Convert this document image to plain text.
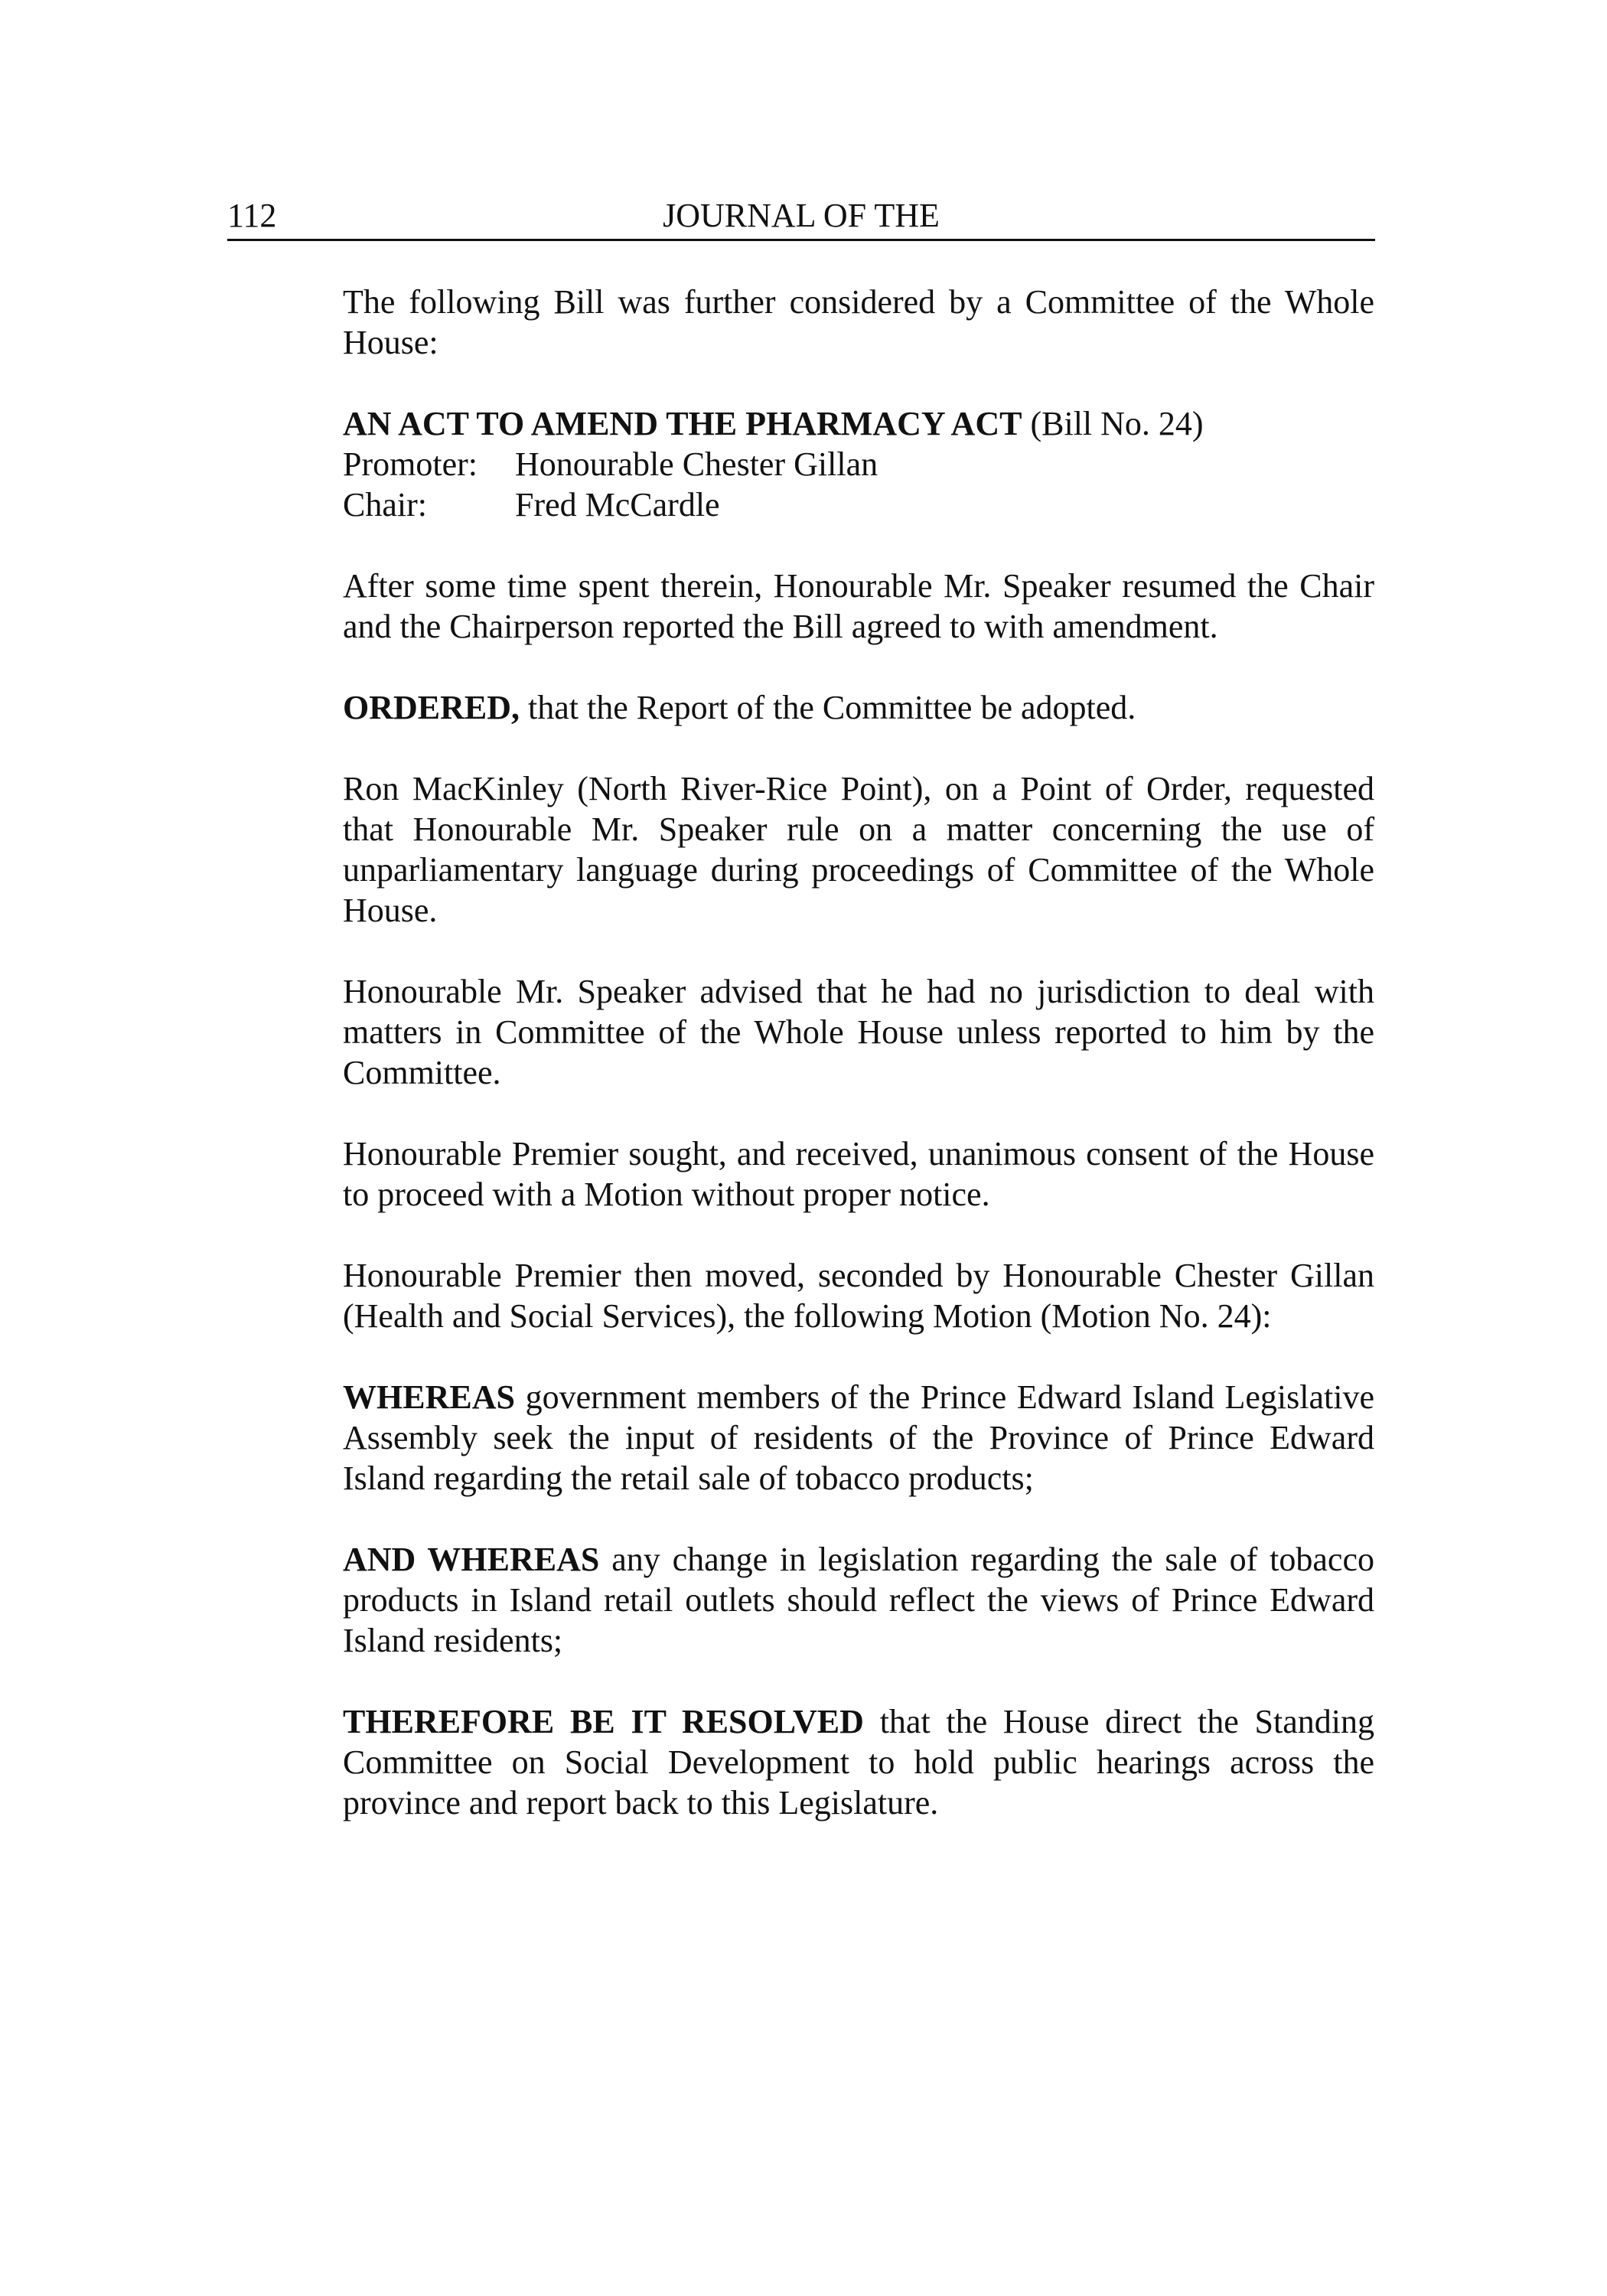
112	JOURNAL OF THE

The following Bill was further considered by a Committee of the Whole House:

AN ACT TO AMEND THE PHARMACY ACT (Bill No. 24)

Promoter:	Honourable Chester Gillan
Chair:	Fred McCardle

After some time spent therein, Honourable Mr. Speaker resumed the Chair and the Chairperson reported the Bill agreed to with amendment.

ORDERED, that the Report of the Committee be adopted.

Ron MacKinley (North River-Rice Point), on a Point of Order, requested that Honourable Mr. Speaker rule on a matter concerning the use of unparliamentary language during proceedings of Committee of the Whole House.

Honourable Mr. Speaker advised that he had no jurisdiction to deal with matters in Committee of the Whole House unless reported to him by the Committee.

Honourable Premier sought, and received, unanimous consent of the House to proceed with a Motion without proper notice.

Honourable Premier then moved, seconded by Honourable Chester Gillan (Health and Social Services), the following Motion (Motion No. 24):

WHEREAS government members of the Prince Edward Island Legislative Assembly seek the input of residents of the Province of Prince Edward Island regarding the retail sale of tobacco products;

AND WHEREAS any change in legislation regarding the sale of tobacco products in Island retail outlets should reflect the views of Prince Edward Island residents;

THEREFORE BE IT RESOLVED that the House direct the Standing Committee on Social Development to hold public hearings across the province and report back to this Legislature.
